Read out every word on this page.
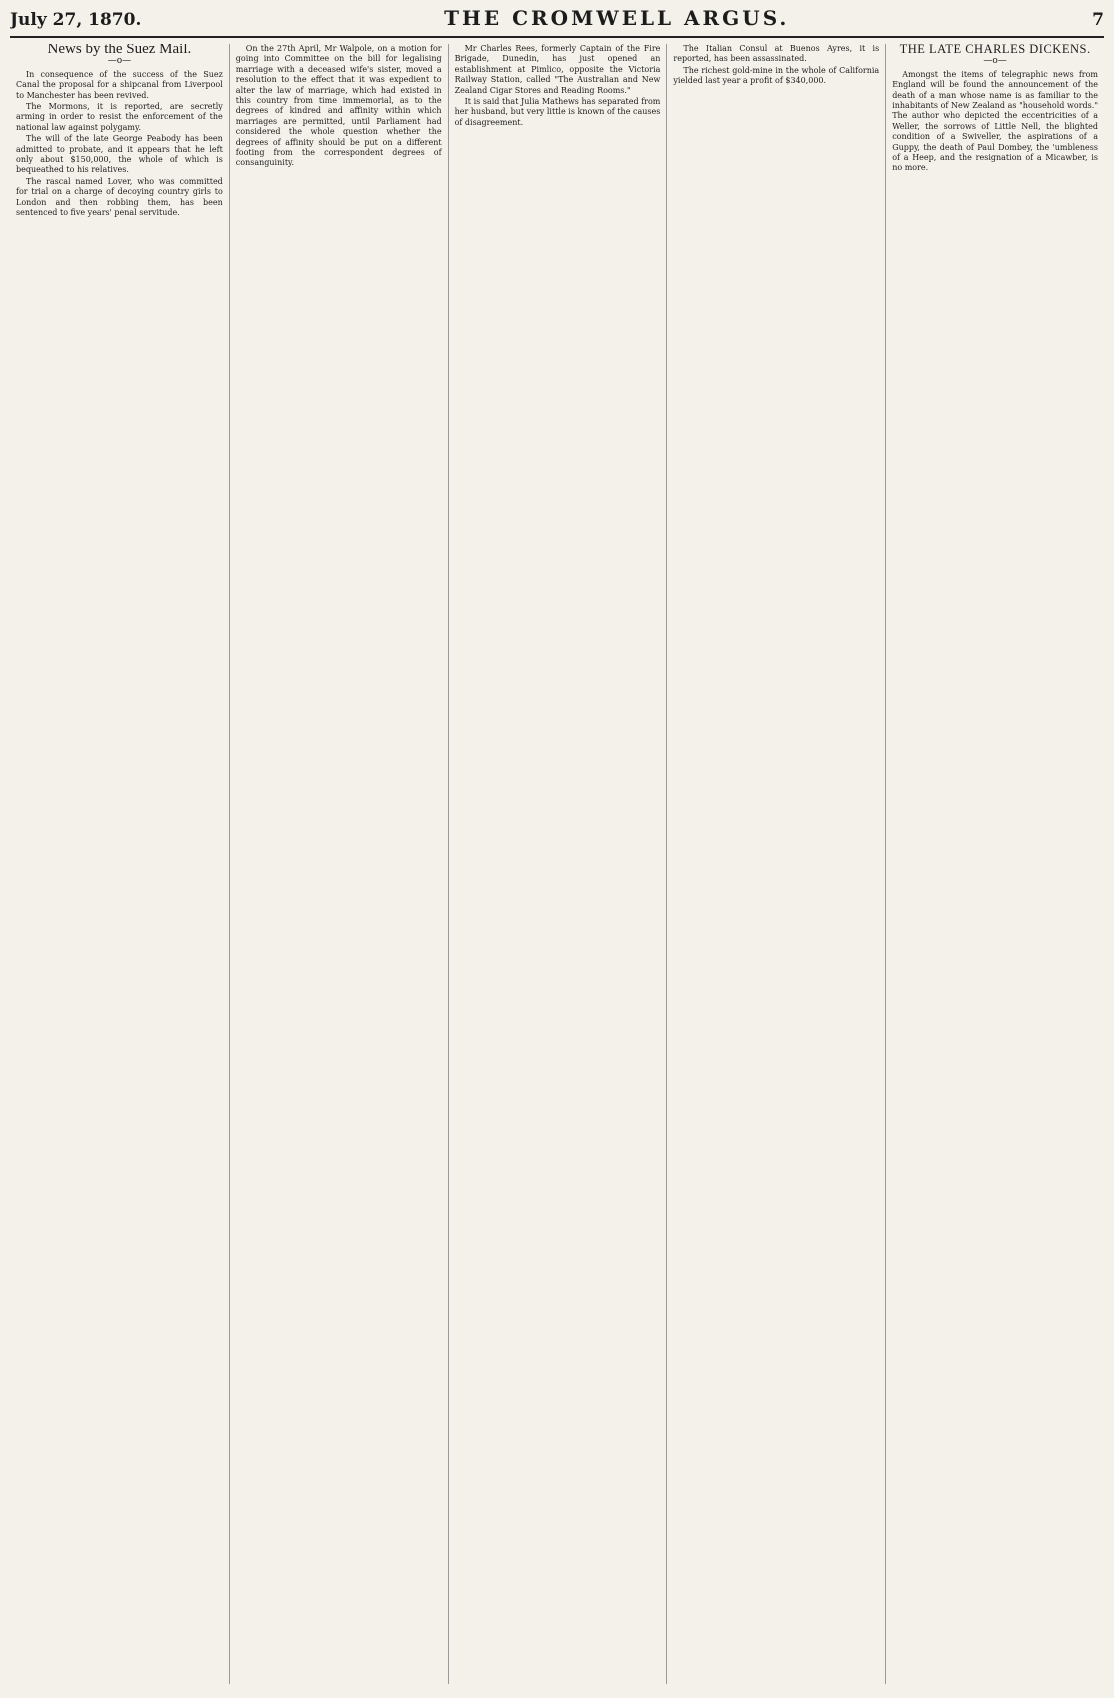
July 27, 1870.	THE CROMWELL ARGUS.	7
News by the Suez Mail.
—o—

In consequence of the success of the Suez Canal the proposal for a shipcanal from Liverpool to Manchester has been revived.

The Mormons, it is reported, are secretly arming in order to resist the enforcement of the national law against polygamy.

The will of the late George Peabody has been admitted to probate, and it appears that he left only about $150,000, the whole of which is bequeathed to his relatives.

The rascal named Lover, who was committed for trial on a charge of decoying country girls to London and then robbing them, has been sentenced to five years' penal servitude.

On the 27th April, Mr Walpole, on a motion for going into Committee on the bill for legalising marriage with a deceased wife's sister, moved a resolution to the effect that it was expedient to alter the law of marriage, which had existed in this country from time immemorial, as to the degrees of kindred and affinity within which marriages are permitted, until Parliament had considered the whole question whether the degrees of affinity should be put on a different footing from the correspondent degrees of consanguinity.

Mr Charles Rees, formerly Captain of the Fire Brigade, Dunedin, has just opened an establishment at Pimlico, opposite the Victoria Railway Station, called "The Australian and New Zealand Cigar Stores and Reading Rooms."

It is said that Julia Mathews has separated from her husband, but very little is known of the causes of disagreement.

The Italian Consul at Buenos Ayres, it is reported, has been assassinated.

The richest gold-mine in the whole of California yielded last year a profit of $340,000.

THE LATE CHARLES DICKENS.
—o—

Amongst the items of telegraphic news from England will be found the announcement of the death of a man whose name is as familiar to the inhabitants of New Zealand as "household words." The author who depicted the eccentricities of a Weller, the sorrows of Little Nell, the blighted condition of a Swiveller, the aspirations of a Guppy, the death of Paul Dombey, the 'umbleness of a Heep, and the resignation of a Micawber, is no more.
